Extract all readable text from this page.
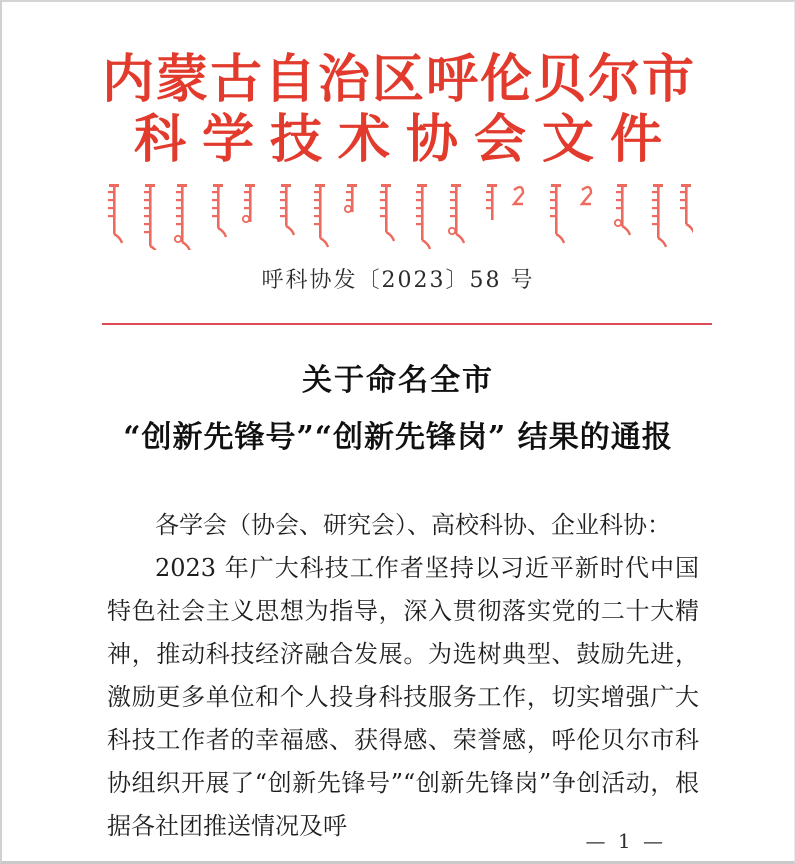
内蒙古自治区呼伦贝尔市
科学技术协会文件
呼科协发〔2023〕58 号
关于命名全市
“创新先锋号”“创新先锋岗” 结果的通报

各学会（协会、研究会）、高校科协、企业科协：

2023 年广大科技工作者坚持以习近平新时代中国特色社会主义思想为指导，深入贯彻落实党的二十大精神，推动科技经济融合发展。为选树典型、鼓励先进，激励更多单位和个人投身科技服务工作，切实增强广大科技工作者的幸福感、获得感、荣誉感，呼伦贝尔市科协组织开展了“创新先锋号”“创新先锋岗”争创活动，根据各社团推送情况及呼

— 1 —
